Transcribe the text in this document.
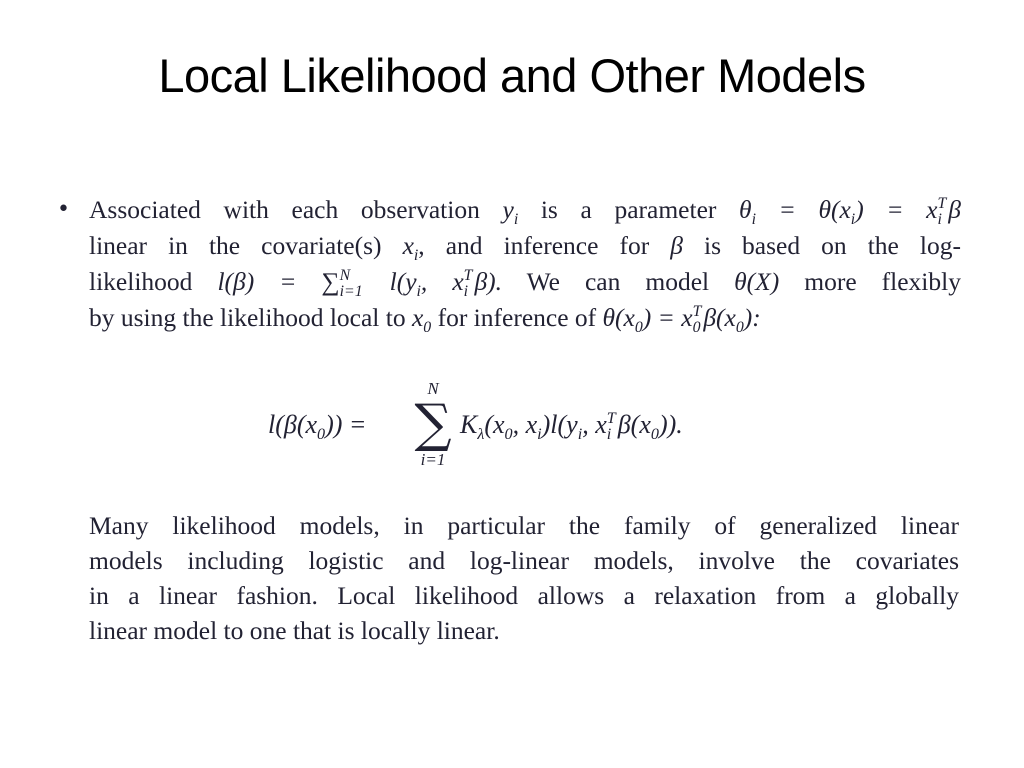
Local Likelihood and Other Models
• Associated with each observation $y_i$ is a parameter $\theta_i = \theta(x_i) = x$ T
i β
linear in the covariate(s) $x_i$, and inference for β is based on the log-
likelihood l(β) = ∑ N
i=1 $l(y_i$, x T
i β). We can model θ(X) more flexibly
by using the likelihood local to $x_0$ for inference of $\theta(x_0) = x$ T
0 $\beta(x_0)$:
$l(\beta(x_0))$ =
N
∑
i=1
$K_\lambda(x_0$, $x_i)l(y_i$, x T
i $\beta(x_0)$).
Many likelihood models, in particular the family of generalized linear
models including logistic and log-linear models, involve the covariates
in a linear fashion. Local likelihood allows a relaxation from a globally
linear model to one that is locally linear.
